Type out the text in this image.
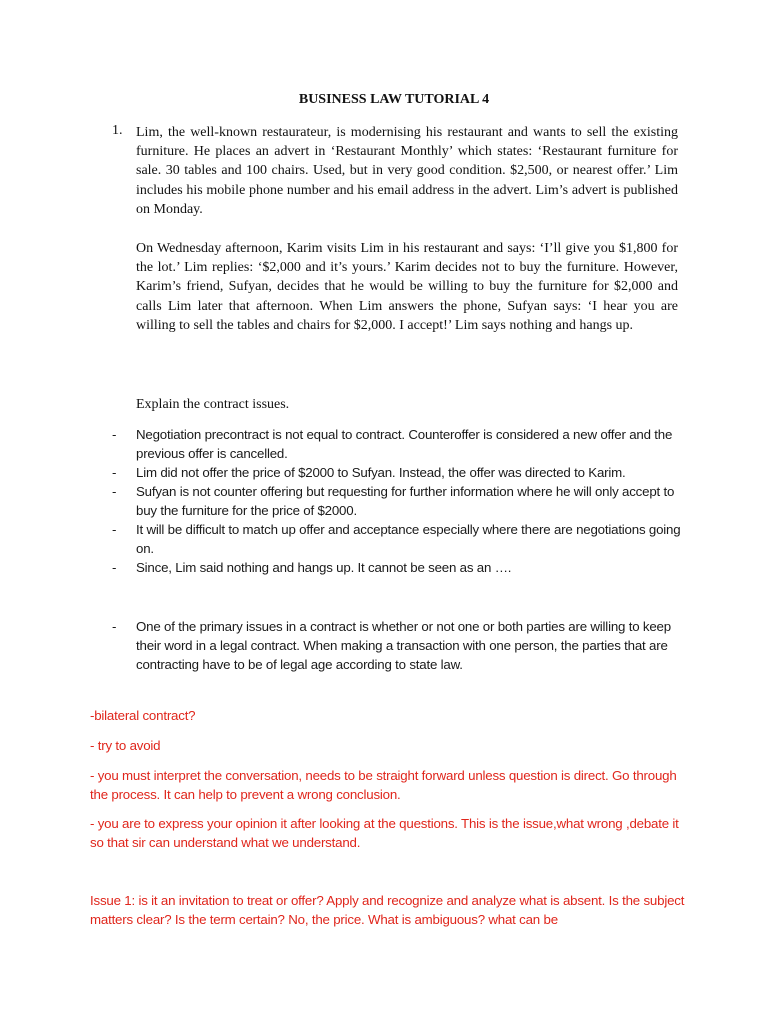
BUSINESS LAW TUTORIAL 4
1. Lim, the well-known restaurateur, is modernising his restaurant and wants to sell the existing furniture. He places an advert in ‘Restaurant Monthly’ which states: ‘Restaurant furniture for sale. 30 tables and 100 chairs. Used, but in very good condition. $2,500, or nearest offer.’ Lim includes his mobile phone number and his email address in the advert. Lim’s advert is published on Monday.

On Wednesday afternoon, Karim visits Lim in his restaurant and says: ‘I’ll give you $1,800 for the lot.’ Lim replies: ‘$2,000 and it’s yours.’ Karim decides not to buy the furniture. However, Karim’s friend, Sufyan, decides that he would be willing to buy the furniture for $2,000 and calls Lim later that afternoon. When Lim answers the phone, Sufyan says: ‘I hear you are willing to sell the tables and chairs for $2,000. I accept!’ Lim says nothing and hangs up.

Explain the contract issues.

- Negotiation precontract is not equal to contract. Counteroffer is considered a new offer and the previous offer is cancelled.
- Lim did not offer the price of $2000 to Sufyan. Instead, the offer was directed to Karim.
- Sufyan is not counter offering but requesting for further information where he will only accept to buy the furniture for the price of $2000.
- It will be difficult to match up offer and acceptance especially where there are negotiations going on.
- Since, Lim said nothing and hangs up. It cannot be seen as an ….
- One of the primary issues in a contract is whether or not one or both parties are willing to keep their word in a legal contract. When making a transaction with one person, the parties that are contracting have to be of legal age according to state law.
-bilateral contract?
- try to avoid
- you must interpret the conversation, needs to be straight forward unless question is direct. Go through the process. It can help to prevent a wrong conclusion.
- you are to express your opinion it after looking at the questions. This is the issue,what wrong ,debate it so that sir can understand what we understand.
Issue 1: is it an invitation to treat or offer? Apply and recognize and analyze what is absent. Is the subject matters clear? Is the term certain? No, the price. What is ambiguous? what can be
